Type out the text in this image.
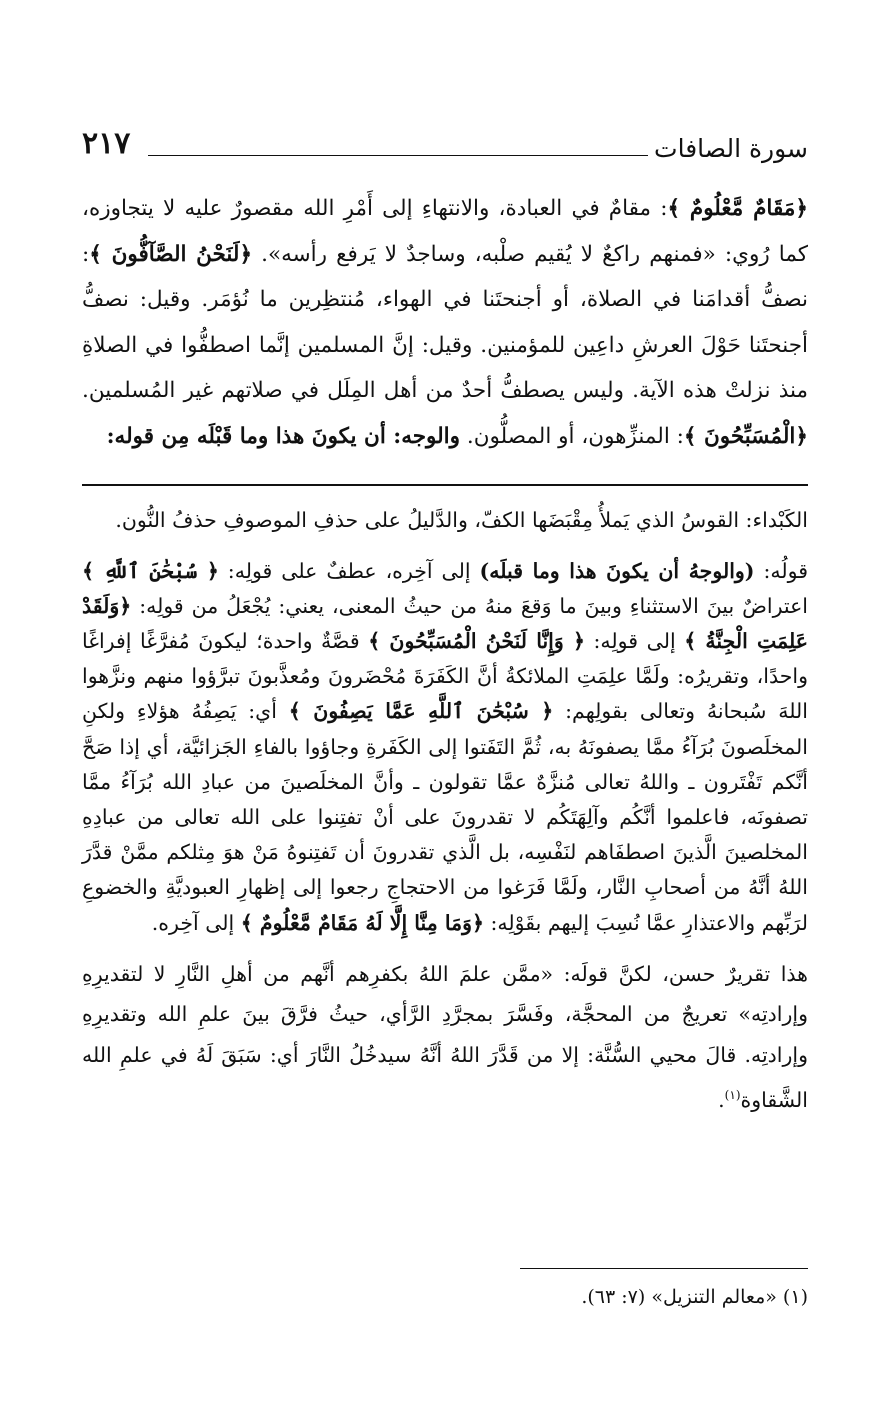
سورة الصافات
٢١٧

﴿مَقَامٌ مَّعْلُومٌ ﴾: مقامٌ في العبادة، والانتهاءِ إلى أَمْرِ الله مقصورٌ عليه لا يتجاوزه، كما رُوي: «فمنهم راكعٌ لا يُقيم صلْبه، وساجدٌ لا يَرفع رأسه». ﴿لَنَحْنُ الصَّآفُّونَ ﴾: نصفُّ أقدامَنا في الصلاة، أو أجنحتَنا في الهواء، مُنتظِرين ما نُؤمَر. وقيل: نصفُّ أجنحتَنا حَوْلَ العرشِ داعِين للمؤمنين. وقيل: إنَّ المسلمين إنَّما اصطفُّوا في الصلاةِ منذ نزلتْ هذه الآية. وليس يصطفُّ أحدٌ من أهل المِلَل في صلاتهم غير المُسلمين. ﴿الْمُسَبِّحُونَ ﴾: المنزِّهون، أو المصلُّون. والوجه: أن يكونَ هذا وما قَبْلَه مِن قوله:

الكَبْداء: القوسُ الذي يَملأُ مِقْبَضَها الكفّ، والدَّليلُ على حذفِ الموصوفِ حذفُ النُّون.

قولُه: (والوجهُ أن يكونَ هذا وما قبلَه) إلى آخِره، عطفٌ على قولِه: ﴿ سُبْحَٰنَ ٱللَّهِ ﴾ اعتراضٌ بينَ الاستثناءِ وبينَ ما وَقعَ منهُ من حيثُ المعنى، يعني: يُجْعَلُ من قولِه: ﴿وَلَقَدْ عَلِمَتِ الْجِنَّةُ ﴾ إلى قولِه: ﴿ وَإِنَّا لَنَحْنُ الْمُسَبِّحُونَ ﴾ قصَّةٌ واحدة؛ ليكونَ مُفرَّغًا إفراغًا واحدًا، وتقريرُه: ولَمَّا علِمَتِ الملائكةُ أنَّ الكَفَرَةَ مُحْضَرونَ ومُعذَّبونَ تبرَّؤوا منهم ونزَّهوا اللهَ سُبحانهُ وتعالى بقولِهم: ﴿ سُبْحَٰنَ ٱللَّهِ عَمَّا يَصِفُونَ ﴾ أي: يَصِفُهُ هؤلاءِ ولكنِ المخلَصونَ بُرَآءُ ممَّا يصفونَهُ به، ثُمَّ التَفَتوا إلى الكَفَرةِ وجاؤوا بالفاءِ الجَزائيَّة، أي إذا صَحَّ أنَّكم تَفْتَرون ـ واللهُ تعالى مُنزَّهٌ عمَّا تقولون ـ وأنَّ المخلَصينَ من عبادِ الله بُرَآءُ ممَّا تصفونَه، فاعلموا أنَّكُم وآلِهَتَكُم لا تقدرونَ على أنْ تفتِنوا على الله تعالى من عبادِهِ المخلصينَ الَّذينَ اصطفَاهم لنَفْسِه، بل الَّذي تقدرونَ أن تَفتِنوهُ مَنْ هوَ مِثلكم ممَّنْ قدَّرَ اللهُ أنَّهُ من أصحابِ النَّار، ولَمَّا فَرَغوا من الاحتجاجِ رجعوا إلى إظهارِ العبوديَّةِ والخضوعِ لرَبِّهم والاعتذارِ عمَّا نُسِبَ إليهم بقَوْلِه: ﴿وَمَا مِنَّا إِلَّا لَهُ مَقَامٌ مَّعْلُومٌ ﴾ إلى آخِره.

هذا تقريرٌ حسن، لكنَّ قولَه: «ممَّن علمَ اللهُ بكفرِهم أنَّهم من أهلِ النَّارِ لا لتقديرِهِ وإرادتِه» تعريجٌ من المحجَّة، وفَسَّرَ بمجرَّدِ الرَّأي، حيثُ فرَّقَ بينَ علمِ الله وتقديرِهِ وإرادتِه. قالَ محيي السُّنَّة: إلا من قَدَّرَ اللهُ أنَّهُ سيدخُلُ النَّارَ أي: سَبَقَ لَهُ في علمِ الله الشَّقاوة$^{(١)}$.

(١) «معالم التنزيل» (٧: ٦٣).
